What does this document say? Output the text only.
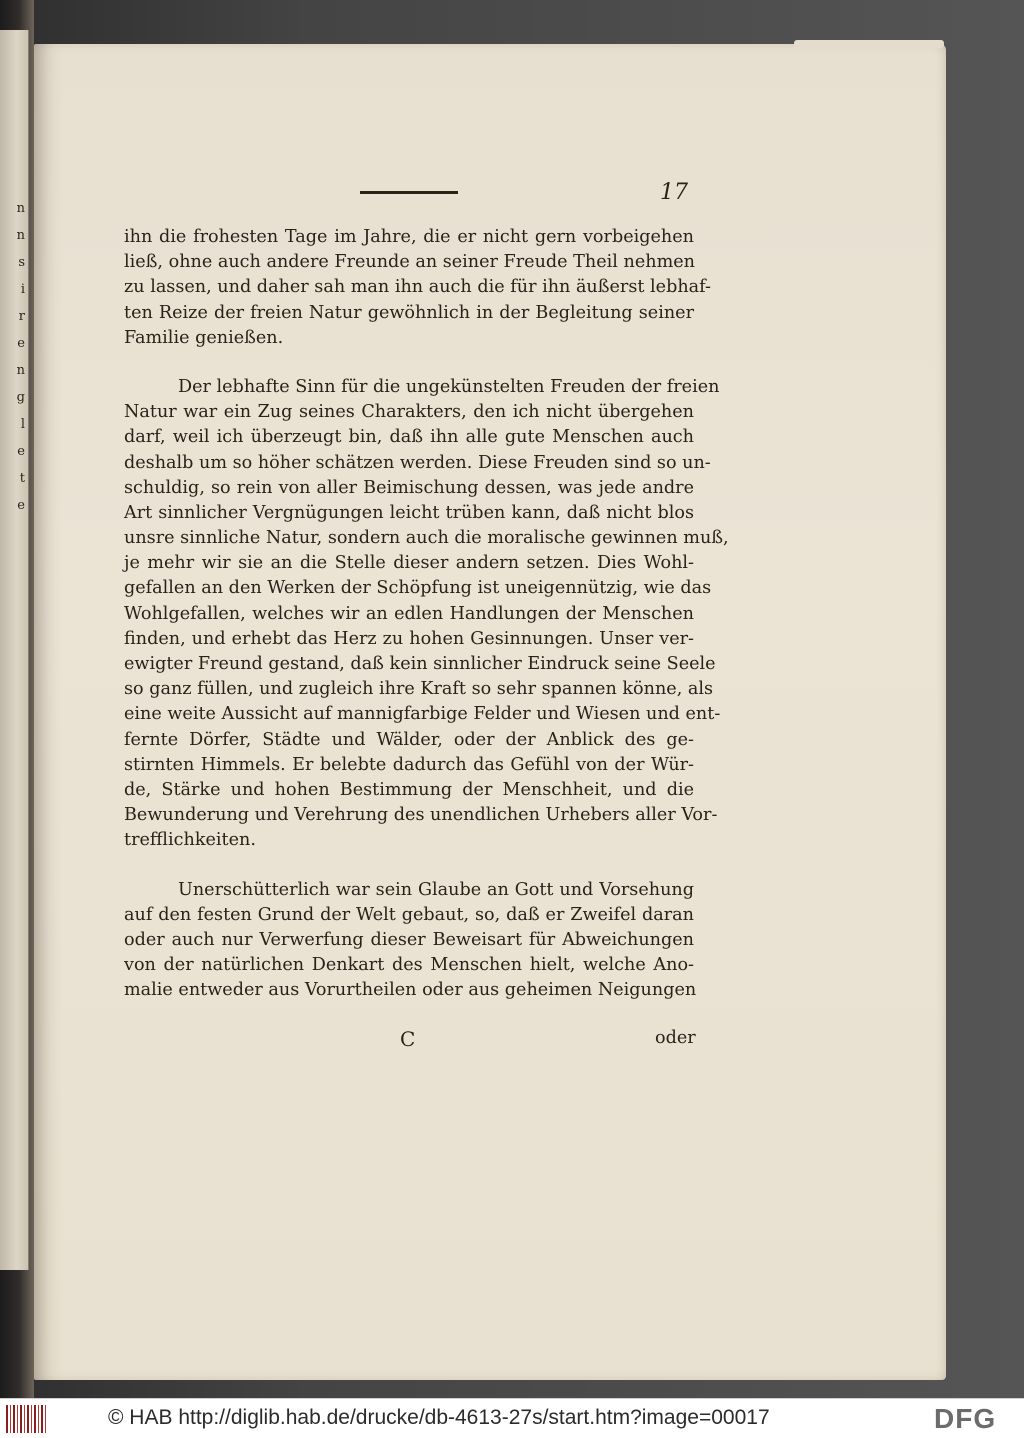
n
n
s
i
r
e
n
g
l
e
t
e
17
ihn die frohesten Tage im Jahre, die er nicht gern vorbeigehen
ließ, ohne auch andere Freunde an seiner Freude Theil nehmen
zu lassen, und daher sah man ihn auch die für ihn äußerst lebhaf-
ten Reize der freien Natur gewöhnlich in der Begleitung seiner
Familie genießen.
Der lebhafte Sinn für die ungekünstelten Freuden der freien
Natur war ein Zug seines Charakters, den ich nicht übergehen
darf, weil ich überzeugt bin, daß ihn alle gute Menschen auch
deshalb um so höher schätzen werden. Diese Freuden sind so un-
schuldig, so rein von aller Beimischung dessen, was jede andre
Art sinnlicher Vergnügungen leicht trüben kann, daß nicht blos
unsre sinnliche Natur, sondern auch die moralische gewinnen muß,
je mehr wir sie an die Stelle dieser andern setzen. Dies Wohl-
gefallen an den Werken der Schöpfung ist uneigennützig, wie das
Wohlgefallen, welches wir an edlen Handlungen der Menschen
finden, und erhebt das Herz zu hohen Gesinnungen. Unser ver-
ewigter Freund gestand, daß kein sinnlicher Eindruck seine Seele
so ganz füllen, und zugleich ihre Kraft so sehr spannen könne, als
eine weite Aussicht auf mannigfarbige Felder und Wiesen und ent-
fernte Dörfer, Städte und Wälder, oder der Anblick des ge-
stirnten Himmels. Er belebte dadurch das Gefühl von der Wür-
de, Stärke und hohen Bestimmung der Menschheit, und die
Bewunderung und Verehrung des unendlichen Urhebers aller Vor-
trefflichkeiten.
Unerschütterlich war sein Glaube an Gott und Vorsehung
auf den festen Grund der Welt gebaut, so, daß er Zweifel daran
oder auch nur Verwerfung dieser Beweisart für Abweichungen
von der natürlichen Denkart des Menschen hielt, welche Ano-
malie entweder aus Vorurtheilen oder aus geheimen Neigungen
C	oder
© HAB http://diglib.hab.de/drucke/db-4613-27s/start.htm?image=00017	DFG
